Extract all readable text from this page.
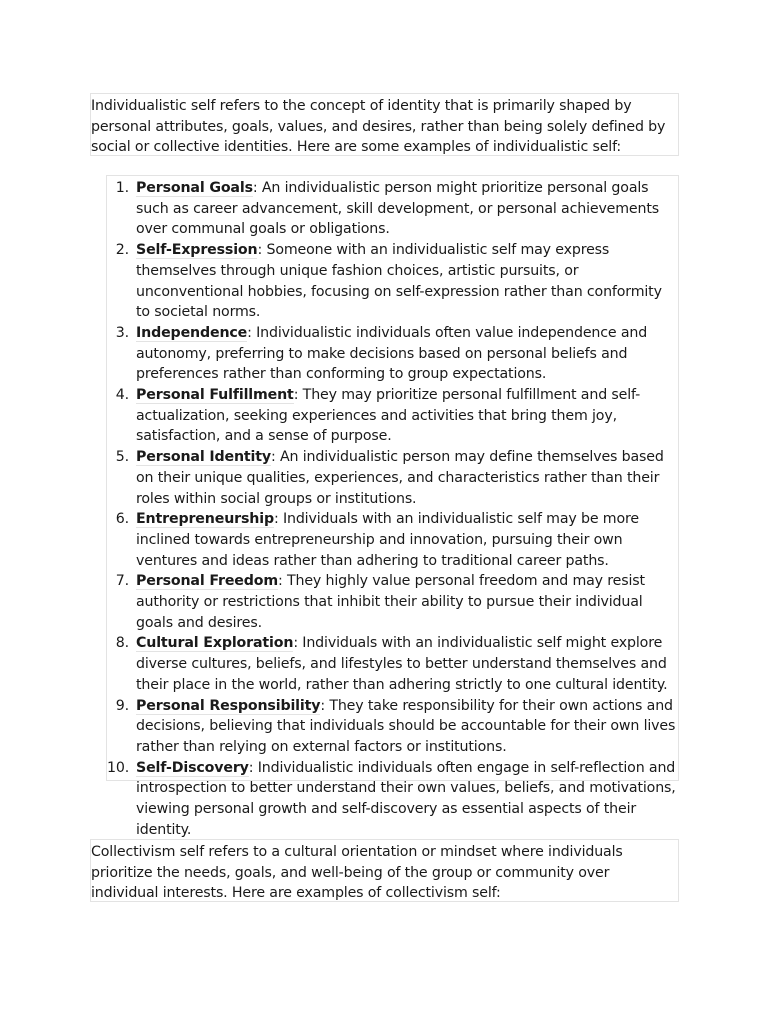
Individualistic self refers to the concept of identity that is primarily shaped by personal attributes, goals, values, and desires, rather than being solely defined by social or collective identities. Here are some examples of individualistic self:
1. Personal Goals: An individualistic person might prioritize personal goals such as career advancement, skill development, or personal achievements over communal goals or obligations.
2. Self-Expression: Someone with an individualistic self may express themselves through unique fashion choices, artistic pursuits, or unconventional hobbies, focusing on self-expression rather than conformity to societal norms.
3. Independence: Individualistic individuals often value independence and autonomy, preferring to make decisions based on personal beliefs and preferences rather than conforming to group expectations.
4. Personal Fulfillment: They may prioritize personal fulfillment and self-actualization, seeking experiences and activities that bring them joy, satisfaction, and a sense of purpose.
5. Personal Identity: An individualistic person may define themselves based on their unique qualities, experiences, and characteristics rather than their roles within social groups or institutions.
6. Entrepreneurship: Individuals with an individualistic self may be more inclined towards entrepreneurship and innovation, pursuing their own ventures and ideas rather than adhering to traditional career paths.
7. Personal Freedom: They highly value personal freedom and may resist authority or restrictions that inhibit their ability to pursue their individual goals and desires.
8. Cultural Exploration: Individuals with an individualistic self might explore diverse cultures, beliefs, and lifestyles to better understand themselves and their place in the world, rather than adhering strictly to one cultural identity.
9. Personal Responsibility: They take responsibility for their own actions and decisions, believing that individuals should be accountable for their own lives rather than relying on external factors or institutions.
10. Self-Discovery: Individualistic individuals often engage in self-reflection and introspection to better understand their own values, beliefs, and motivations, viewing personal growth and self-discovery as essential aspects of their identity.
Collectivism self refers to a cultural orientation or mindset where individuals prioritize the needs, goals, and well-being of the group or community over individual interests. Here are examples of collectivism self:
